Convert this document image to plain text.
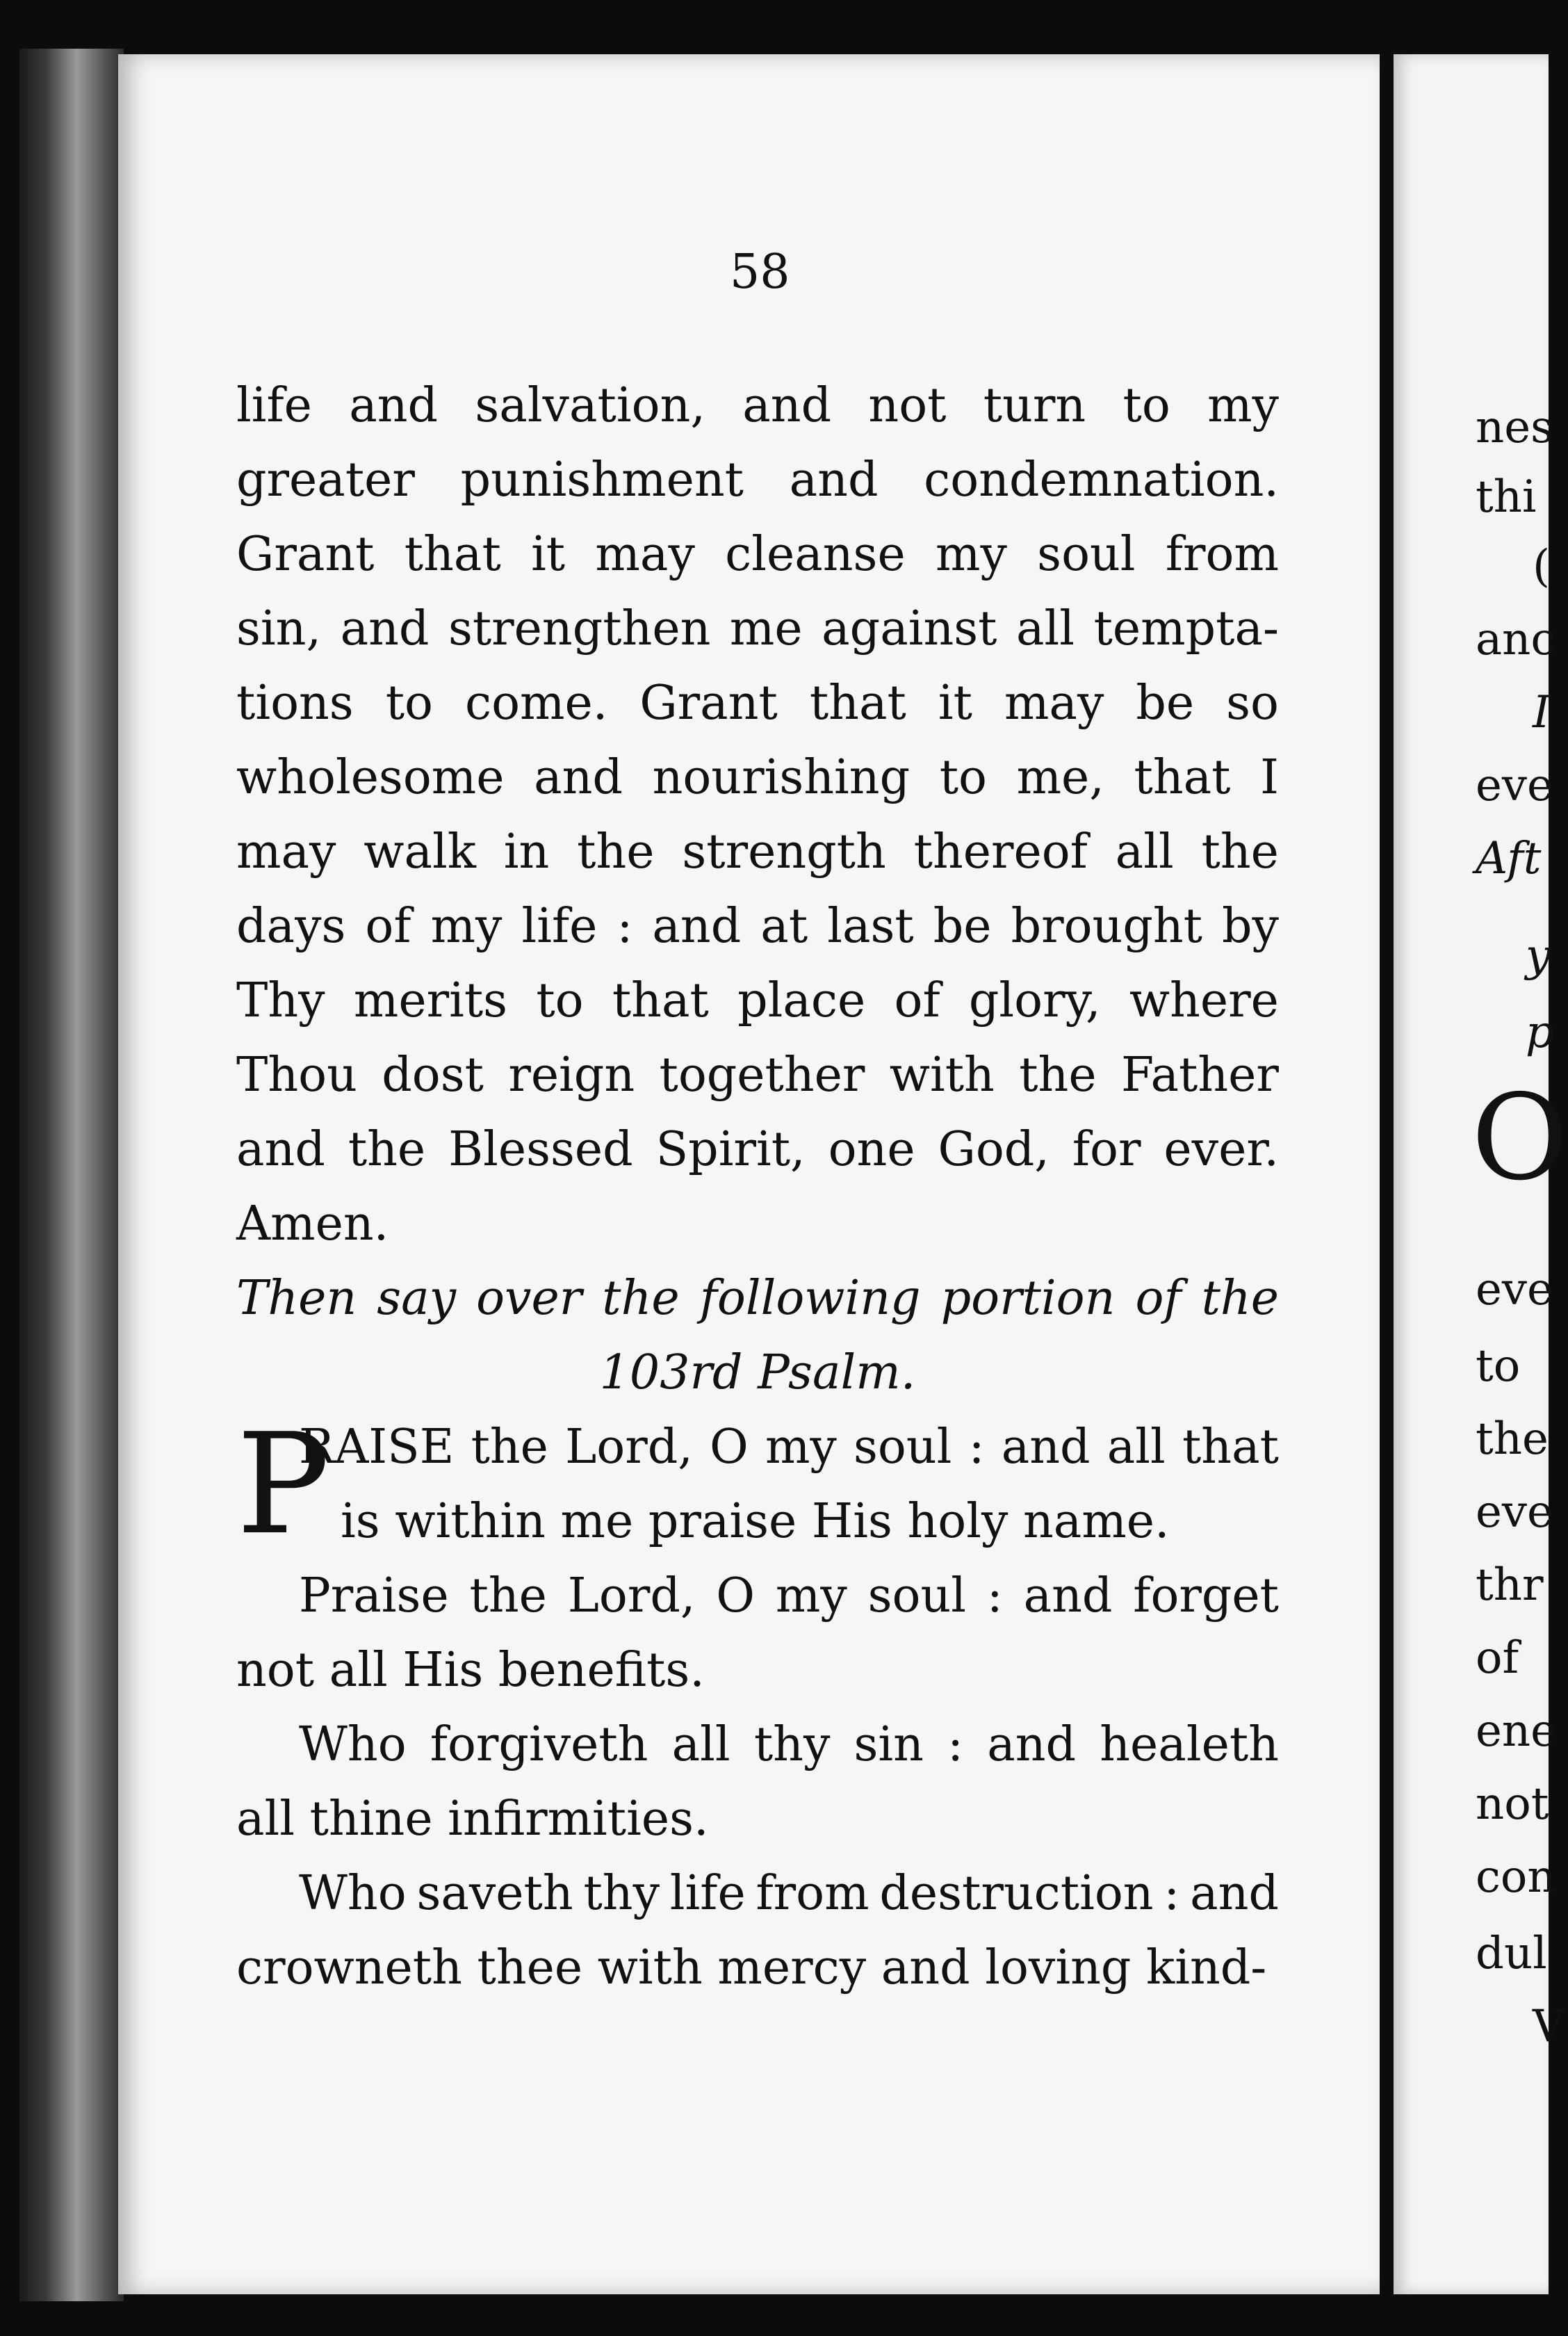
58
life and salvation, and not turn to my
greater punishment and condemnation.
Grant that it may cleanse my soul from
sin, and strengthen me against all tempta-
tions to come. Grant that it may be so
wholesome and nourishing to me, that I
may walk in the strength thereof all the
days of my life : and at last be brought by
Thy merits to that place of glory, where
Thou dost reign together with the Father
and the Blessed Spirit, one God, for ever.
Amen.
Then say over the following portion of the
103rd Psalm.
P
RAISE the Lord, O my soul : and all that
is within me praise His holy name.
Praise the Lord, O my soul : and forget
not all His benefits.
Who forgiveth all thy sin : and healeth
all thine infirmities.
Who saveth thy life from destruction : and
crowneth thee with mercy and loving kind-
nes
thi
(
anc
I
eve
Aft
y
p
O
eve
to
the
eve
thr
of
ene
not
con
dul
V
